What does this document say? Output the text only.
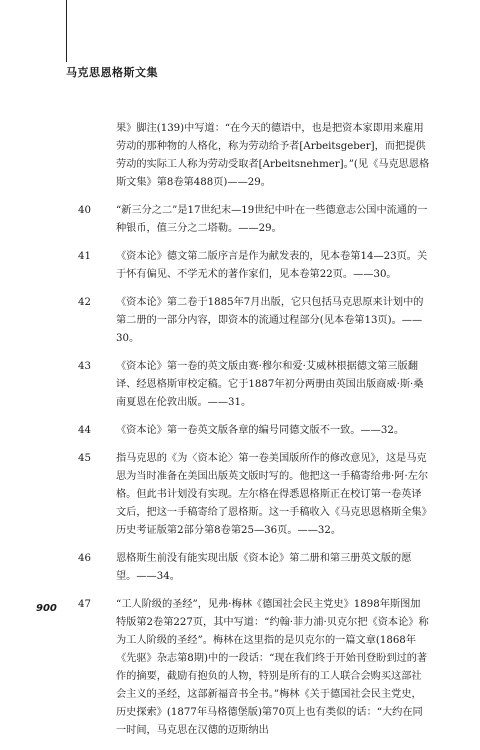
马克思恩格斯文集
果》脚注(139)中写道：“在今天的德语中，也是把资本家即用来雇用劳动的那种物的人格化，称为劳动给予者[Arbeitsgeber]，而把提供劳动的实际工人称为劳动受取者[Arbeitsnehmer]。”(见《马克思恩格斯文集》第8卷第488页)——29。
40	“新三分之二”是17世纪末—19世纪中叶在一些德意志公国中流通的一种银币，值三分之二塔勒。——29。
41	《资本论》德文第二版序言是作为献发表的，见本卷第14—23页。关于怀有偏见、不学无术的著作家们，见本卷第22页。——30。
42	《资本论》第二卷于1885年7月出版，它只包括马克思原来计划中的第二册的一部分内容，即资本的流通过程部分(见本卷第13页)。——30。
43	《资本论》第一卷的英文版由赛·穆尔和爱·艾威林根据德文第三版翻译、经恩格斯审校定稿。它于1887年初分两册由英国出版商威·斯·桑南夏恩在伦敦出版。——31。
44	《资本论》第一卷英文版各章的编号同德文版不一致。——32。
45	指马克思的《为〈资本论〉第一卷美国版所作的修改意见》，这是马克思为当时准备在美国出版英文版时写的。他把这一手稿寄给弗·阿·左尔格。但此书计划没有实现。左尔格在得悉恩格斯正在校订第一卷英译文后，把这一手稿寄给了恩格斯。这一手稿收入《马克思恩格斯全集》历史考证版第2部分第8卷第25—36页。——32。
46	恩格斯生前没有能实现出版《资本论》第二册和第三册英文版的愿望。——34。
47	“工人阶级的圣经”，见弗·梅林《德国社会民主党史》1898年斯图加特版第2卷第227页，其中写道：“约翰·菲力浦·贝克尔把《资本论》称为工人阶级的圣经”。梅林在这里指的是贝克尔的一篇文章(1868年《先驱》杂志第8期)中的一段话：“现在我们终于开始刊登盼到过的著作的摘要，截励有抱负的人物，特别是所有的工人联合会购买这部社会主义的圣经，这部新福音书全书。”梅林《关于德国社会民主党史，历史探索》(1877年马格德堡版)第70页上也有类似的话：“大约在同一时间，马克思在汉德的迈斯纳出
900
